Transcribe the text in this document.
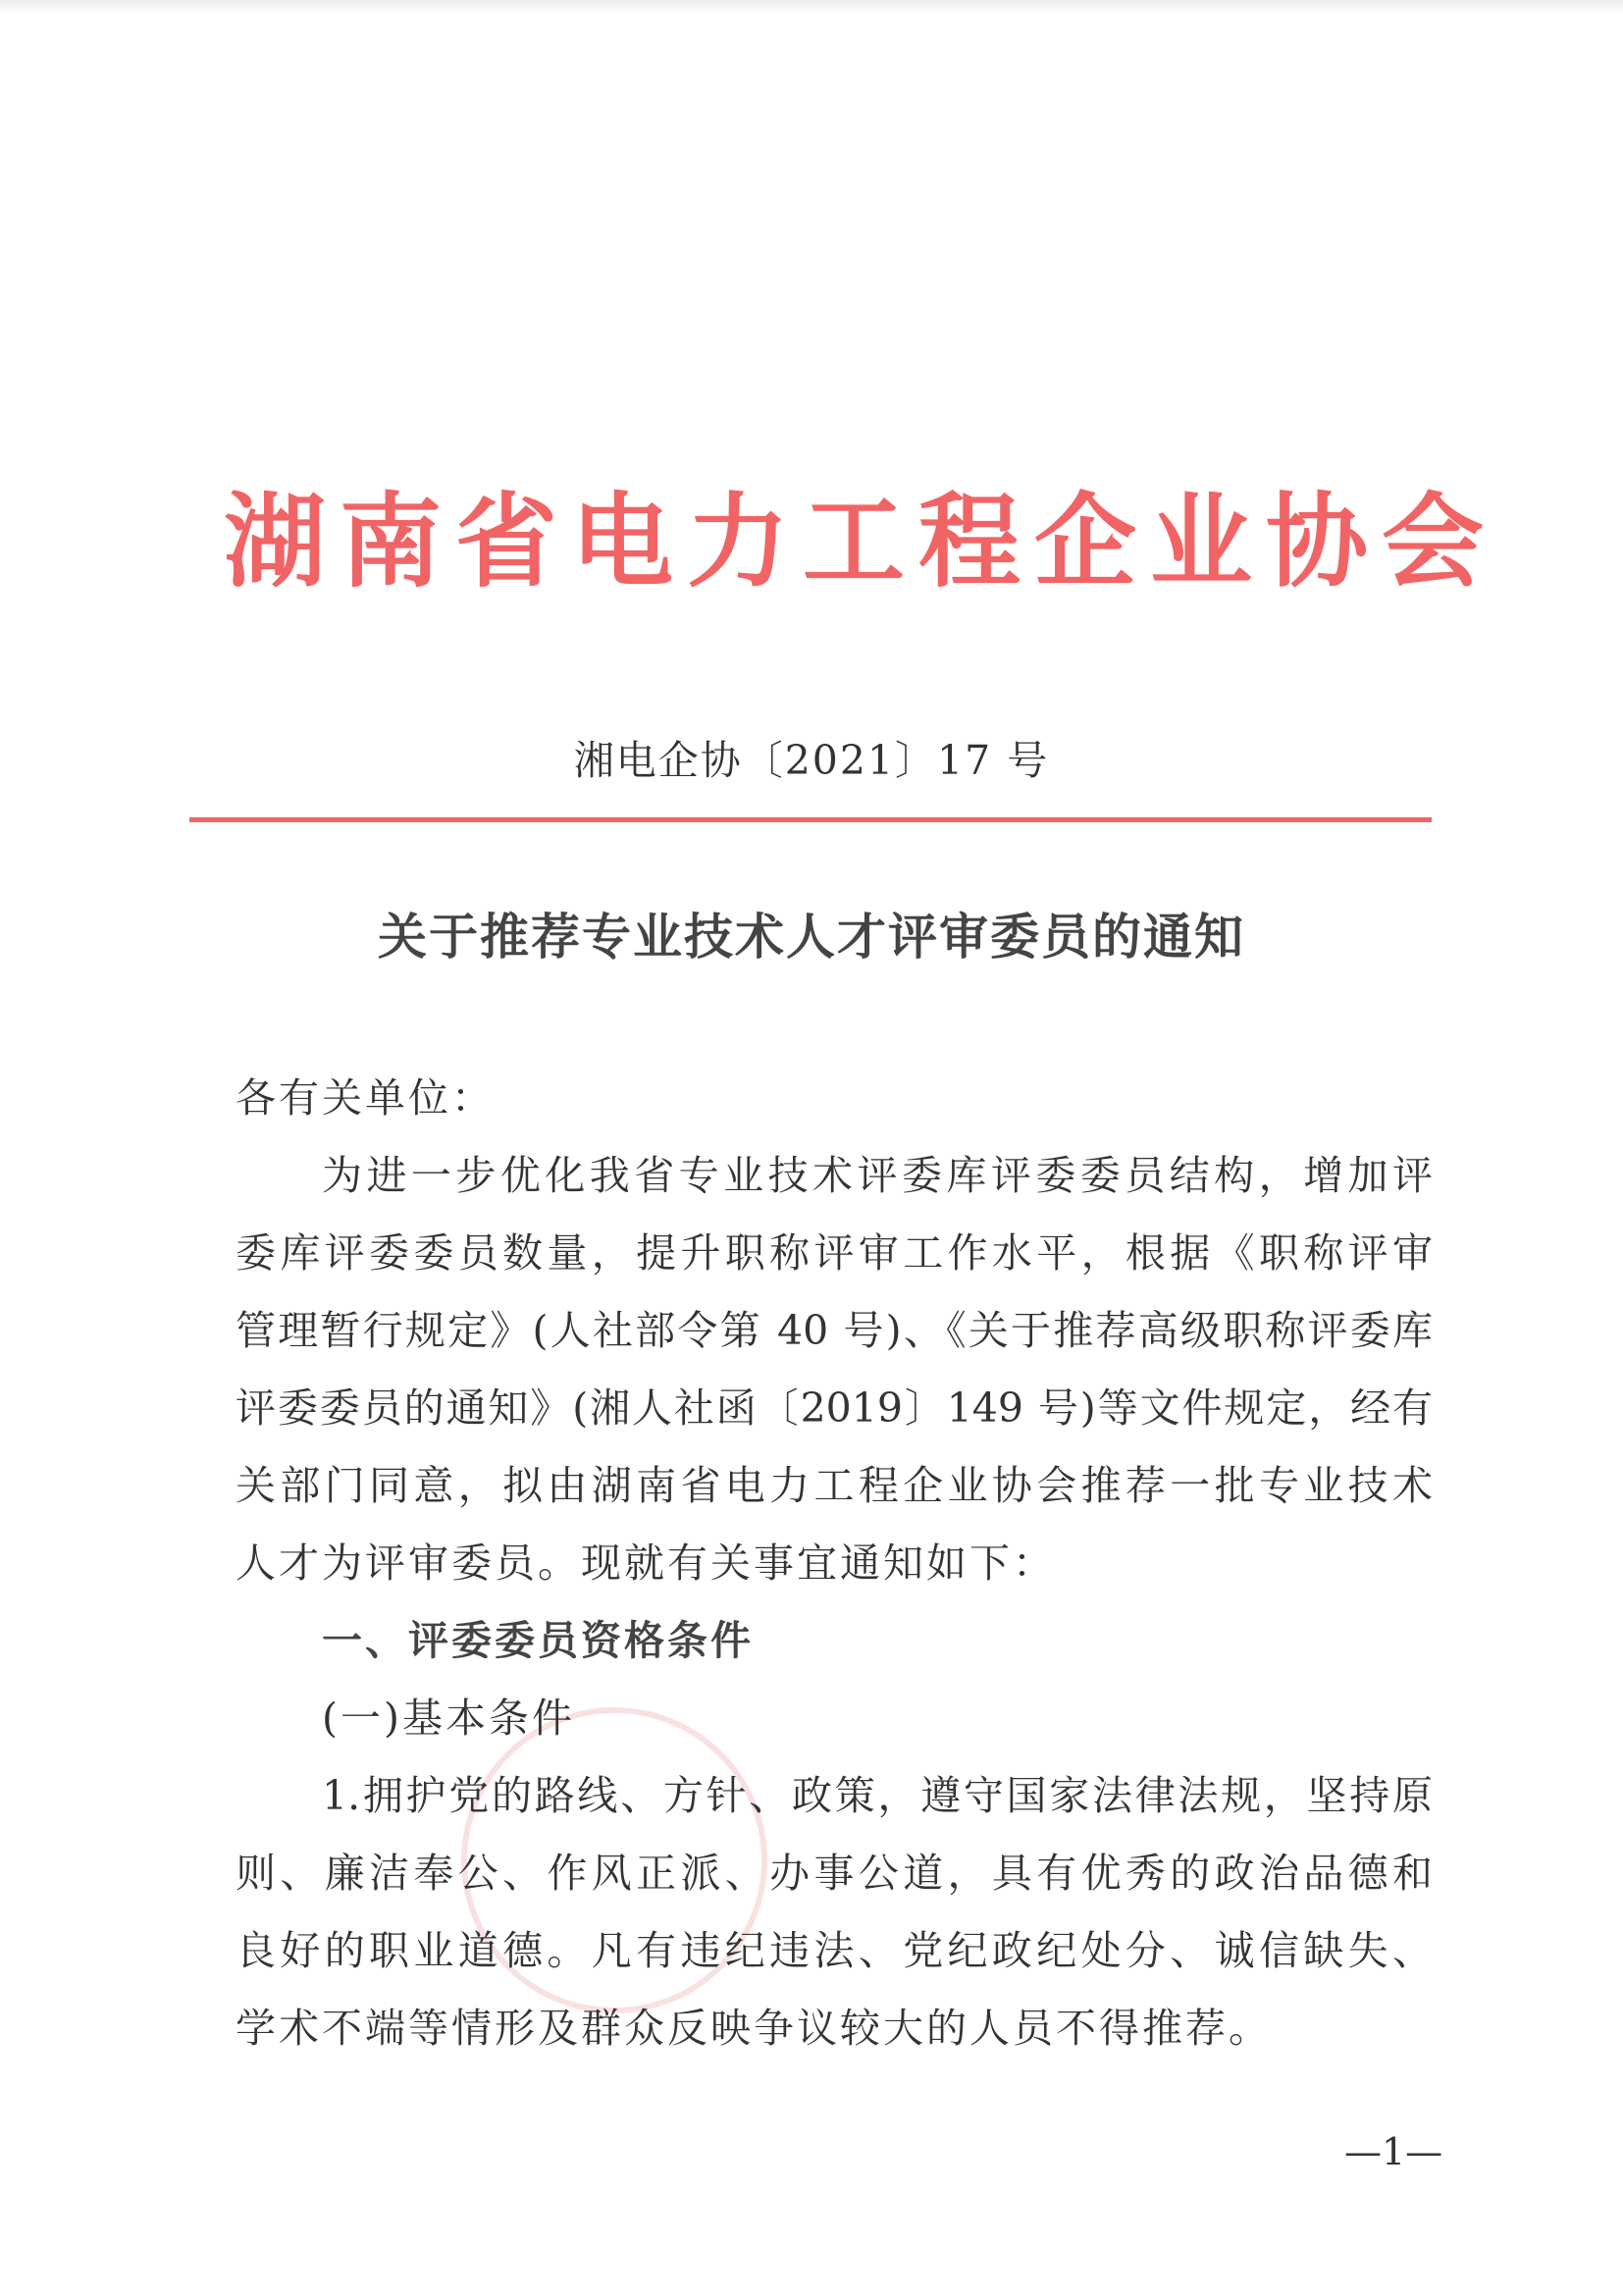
湖南省电力工程企业协会
湘电企协〔2021〕17 号
关于推荐专业技术人才评审委员的通知
各有关单位：
为进一步优化我省专业技术评委库评委委员结构，增加评
委库评委委员数量，提升职称评审工作水平，根据《职称评审
管理暂行规定》(人社部令第 40 号)、《关于推荐高级职称评委库
评委委员的通知》(湘人社函〔2019〕149 号)等文件规定，经有
关部门同意，拟由湖南省电力工程企业协会推荐一批专业技术
人才为评审委员。现就有关事宜通知如下：
一、评委委员资格条件
(一)基本条件
1.拥护党的路线、方针、政策，遵守国家法律法规，坚持原
则、廉洁奉公、作风正派、办事公道，具有优秀的政治品德和
良好的职业道德。凡有违纪违法、党纪政纪处分、诚信缺失、
学术不端等情形及群众反映争议较大的人员不得推荐。
—1—
